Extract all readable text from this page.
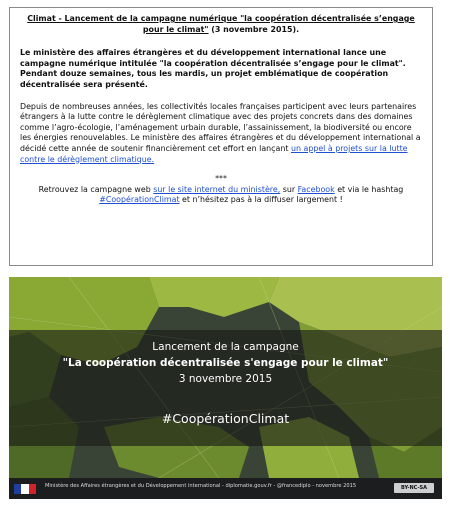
Climat - Lancement de la campagne numérique "la coopération décentralisée s’engage pour le climat" (3 novembre 2015).

Le ministère des affaires étrangères et du développement international lance une campagne numérique intitulée "la coopération décentralisée s’engage pour le climat". Pendant douze semaines, tous les mardis, un projet emblématique de coopération décentralisée sera présenté.

Depuis de nombreuses années, les collectivités locales françaises participent avec leurs partenaires étrangers à la lutte contre le dérèglement climatique avec des projets concrets dans des domaines comme l’agro-écologie, l’aménagement urbain durable, l’assainissement, la biodiversité ou encore les énergies renouvelables. Le ministère des affaires étrangères et du développement international a décidé cette année de soutenir financièrement cet effort en lançant un appel à projets sur la lutte contre le dérèglement climatique.

***

Retrouvez la campagne web sur le site internet du ministère, sur Facebook et via le hashtag #CoopérationClimat et n’hésitez pas à la diffuser largement !

Lancement de la campagne
"La coopération décentralisée s'engage pour le climat"
3 novembre 2015
#CoopérationClimat
Ministère des Affaires étrangères et du Développement international - diplomatie.gouv.fr - @francediplo - novembre 2015	BY-NC-SA
